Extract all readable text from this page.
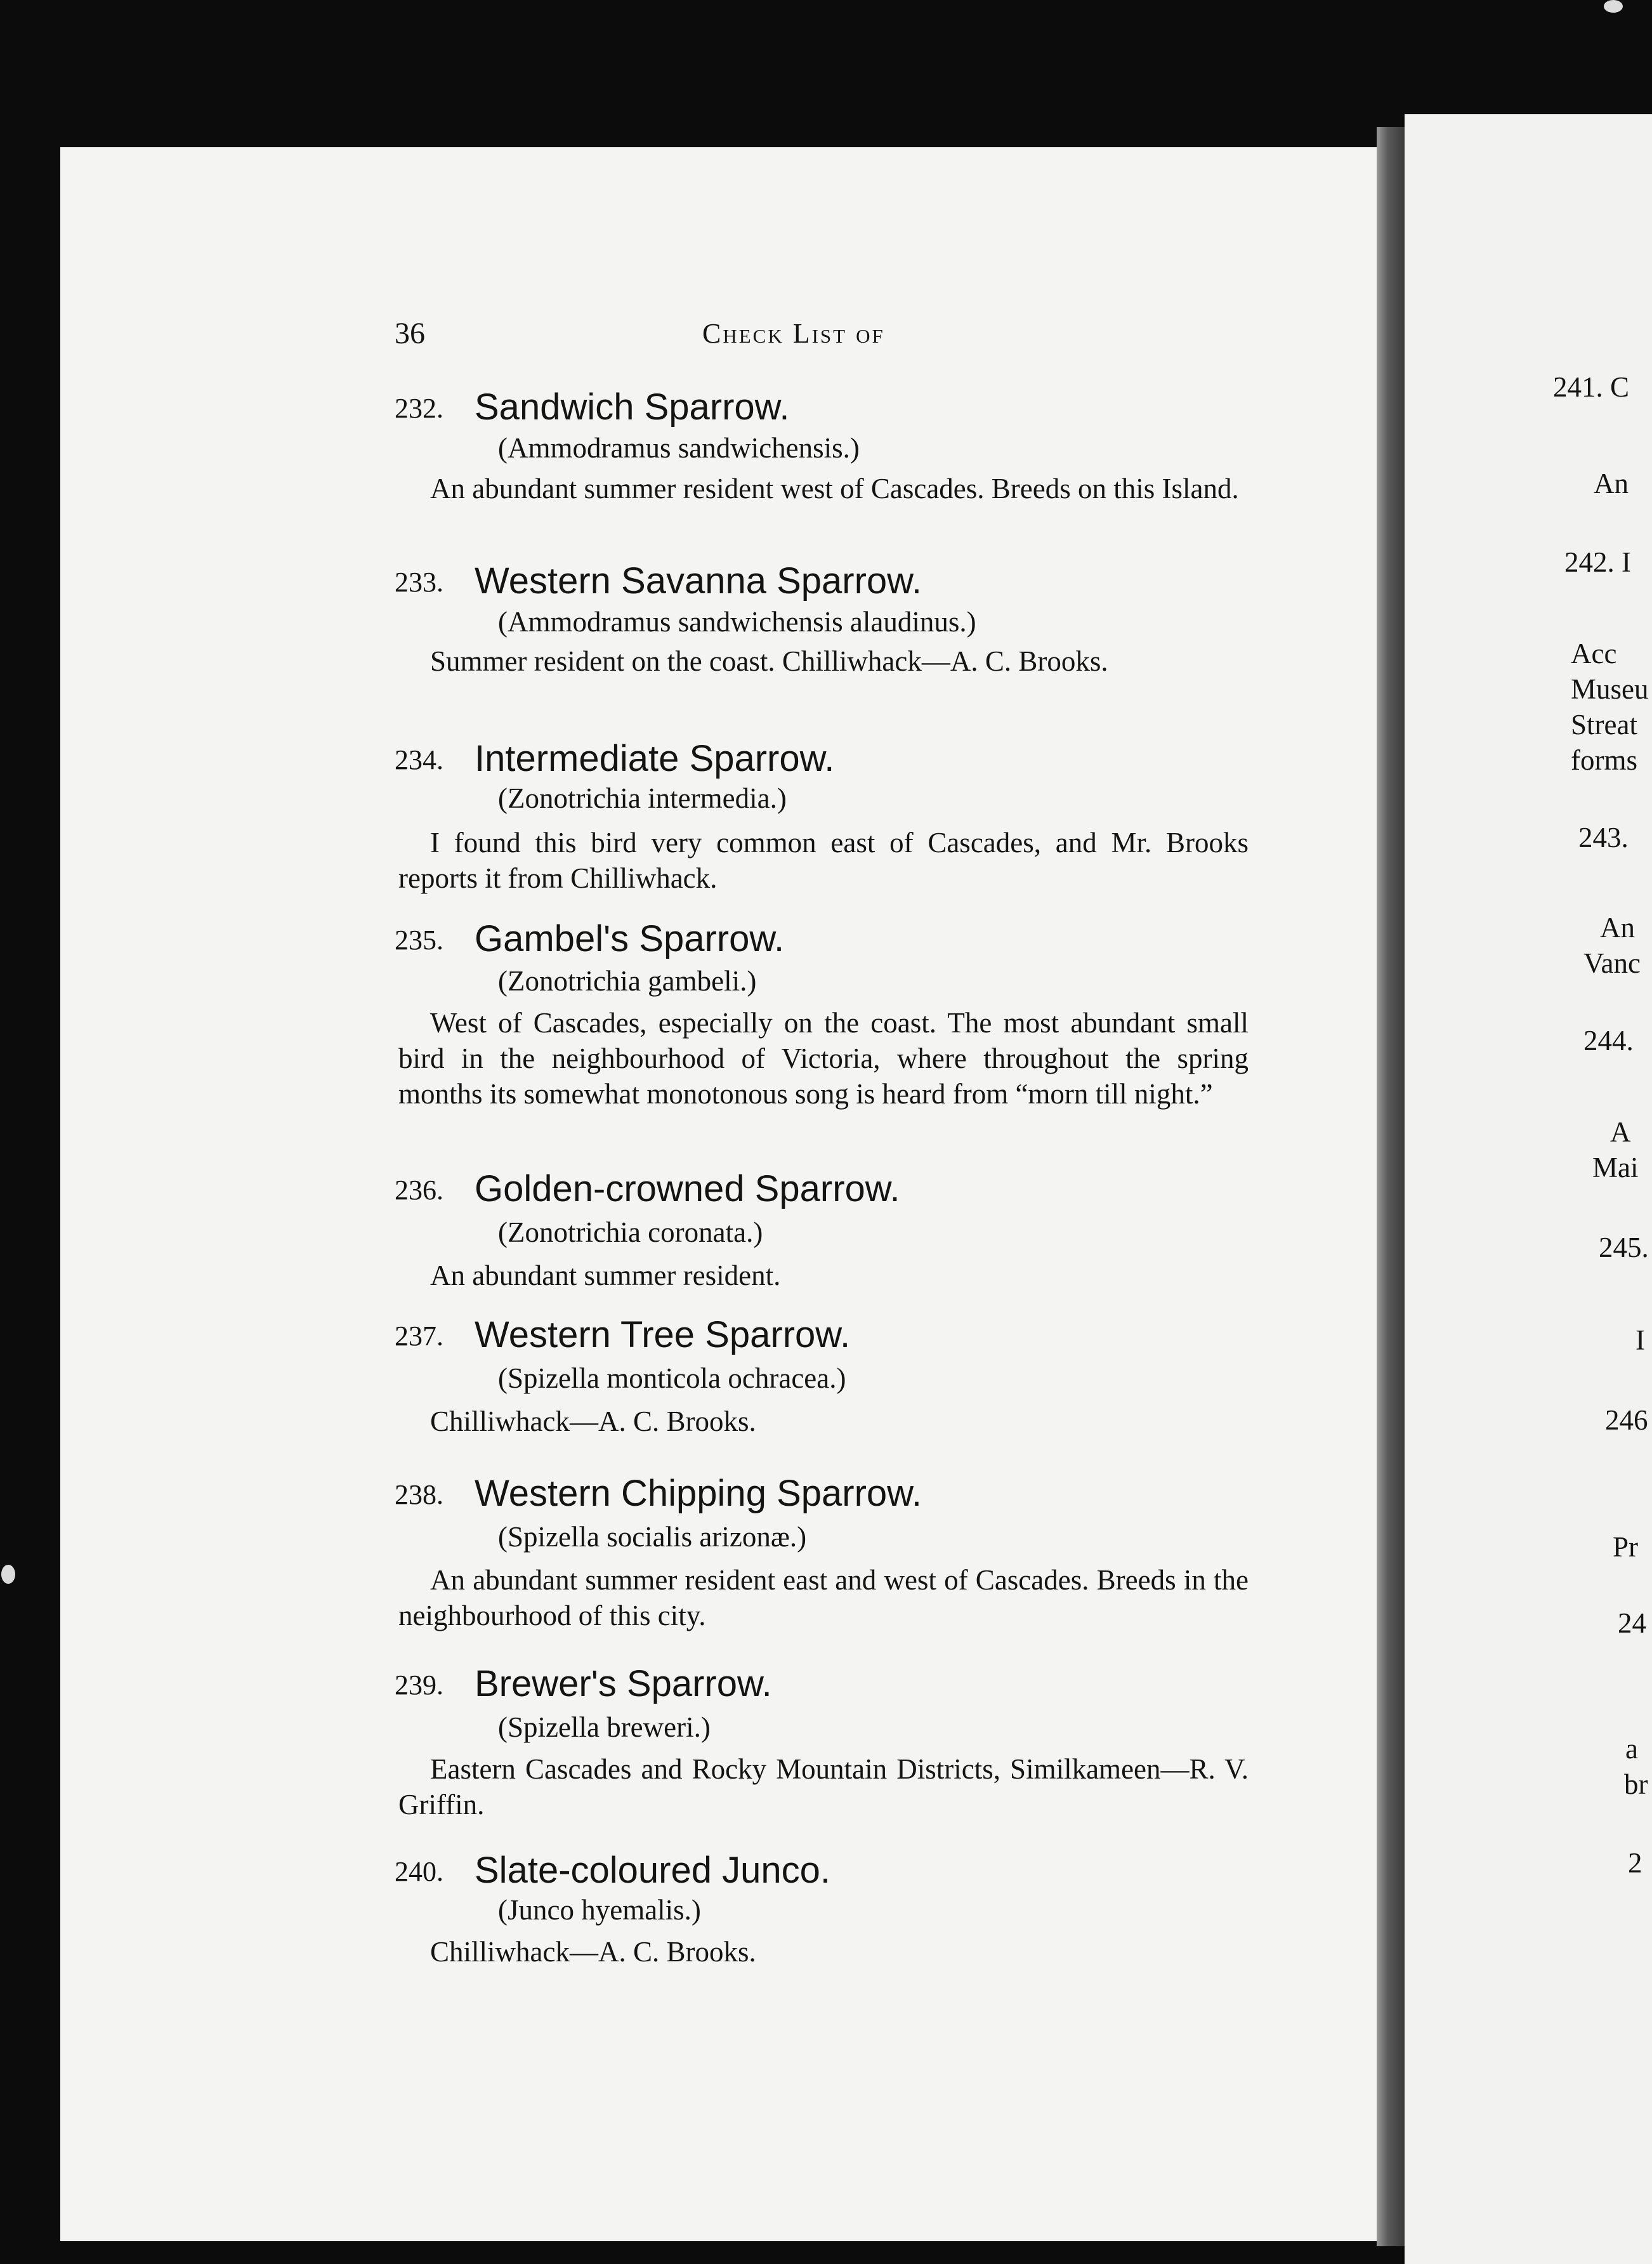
36	Check List of
232. Sandwich Sparrow.
(Ammodramus sandwichensis.)
An abundant summer resident west of Cascades. Breeds on this Island.
233. Western Savanna Sparrow.
(Ammodramus sandwichensis alaudinus.)
Summer resident on the coast. Chilliwhack—A. C. Brooks.
234. Intermediate Sparrow.
(Zonotrichia intermedia.)
I found this bird very common east of Cascades, and Mr. Brooks reports it from Chilliwhack.
235. Gambel's Sparrow.
(Zonotrichia gambeli.)
West of Cascades, especially on the coast. The most abundant small bird in the neighbourhood of Victoria, where throughout the spring months its somewhat monotonous song is heard from “morn till night.”
236. Golden-crowned Sparrow.
(Zonotrichia coronata.)
An abundant summer resident.
237. Western Tree Sparrow.
(Spizella monticola ochracea.)
Chilliwhack—A. C. Brooks.
238. Western Chipping Sparrow.
(Spizella socialis arizonæ.)
An abundant summer resident east and west of Cascades. Breeds in the neighbourhood of this city.
239. Brewer's Sparrow.
(Spizella breweri.)
Eastern Cascades and Rocky Mountain Districts, Similkameen—R. V. Griffin.
240. Slate-coloured Junco.
(Junco hyemalis.)
Chilliwhack—A. C. Brooks.
241. C
An
242. I
Acc
Museu
Streat
forms
243.
An
Vanc
244.
A
Mai
245.
I
246
Pr
24
a
br
2
